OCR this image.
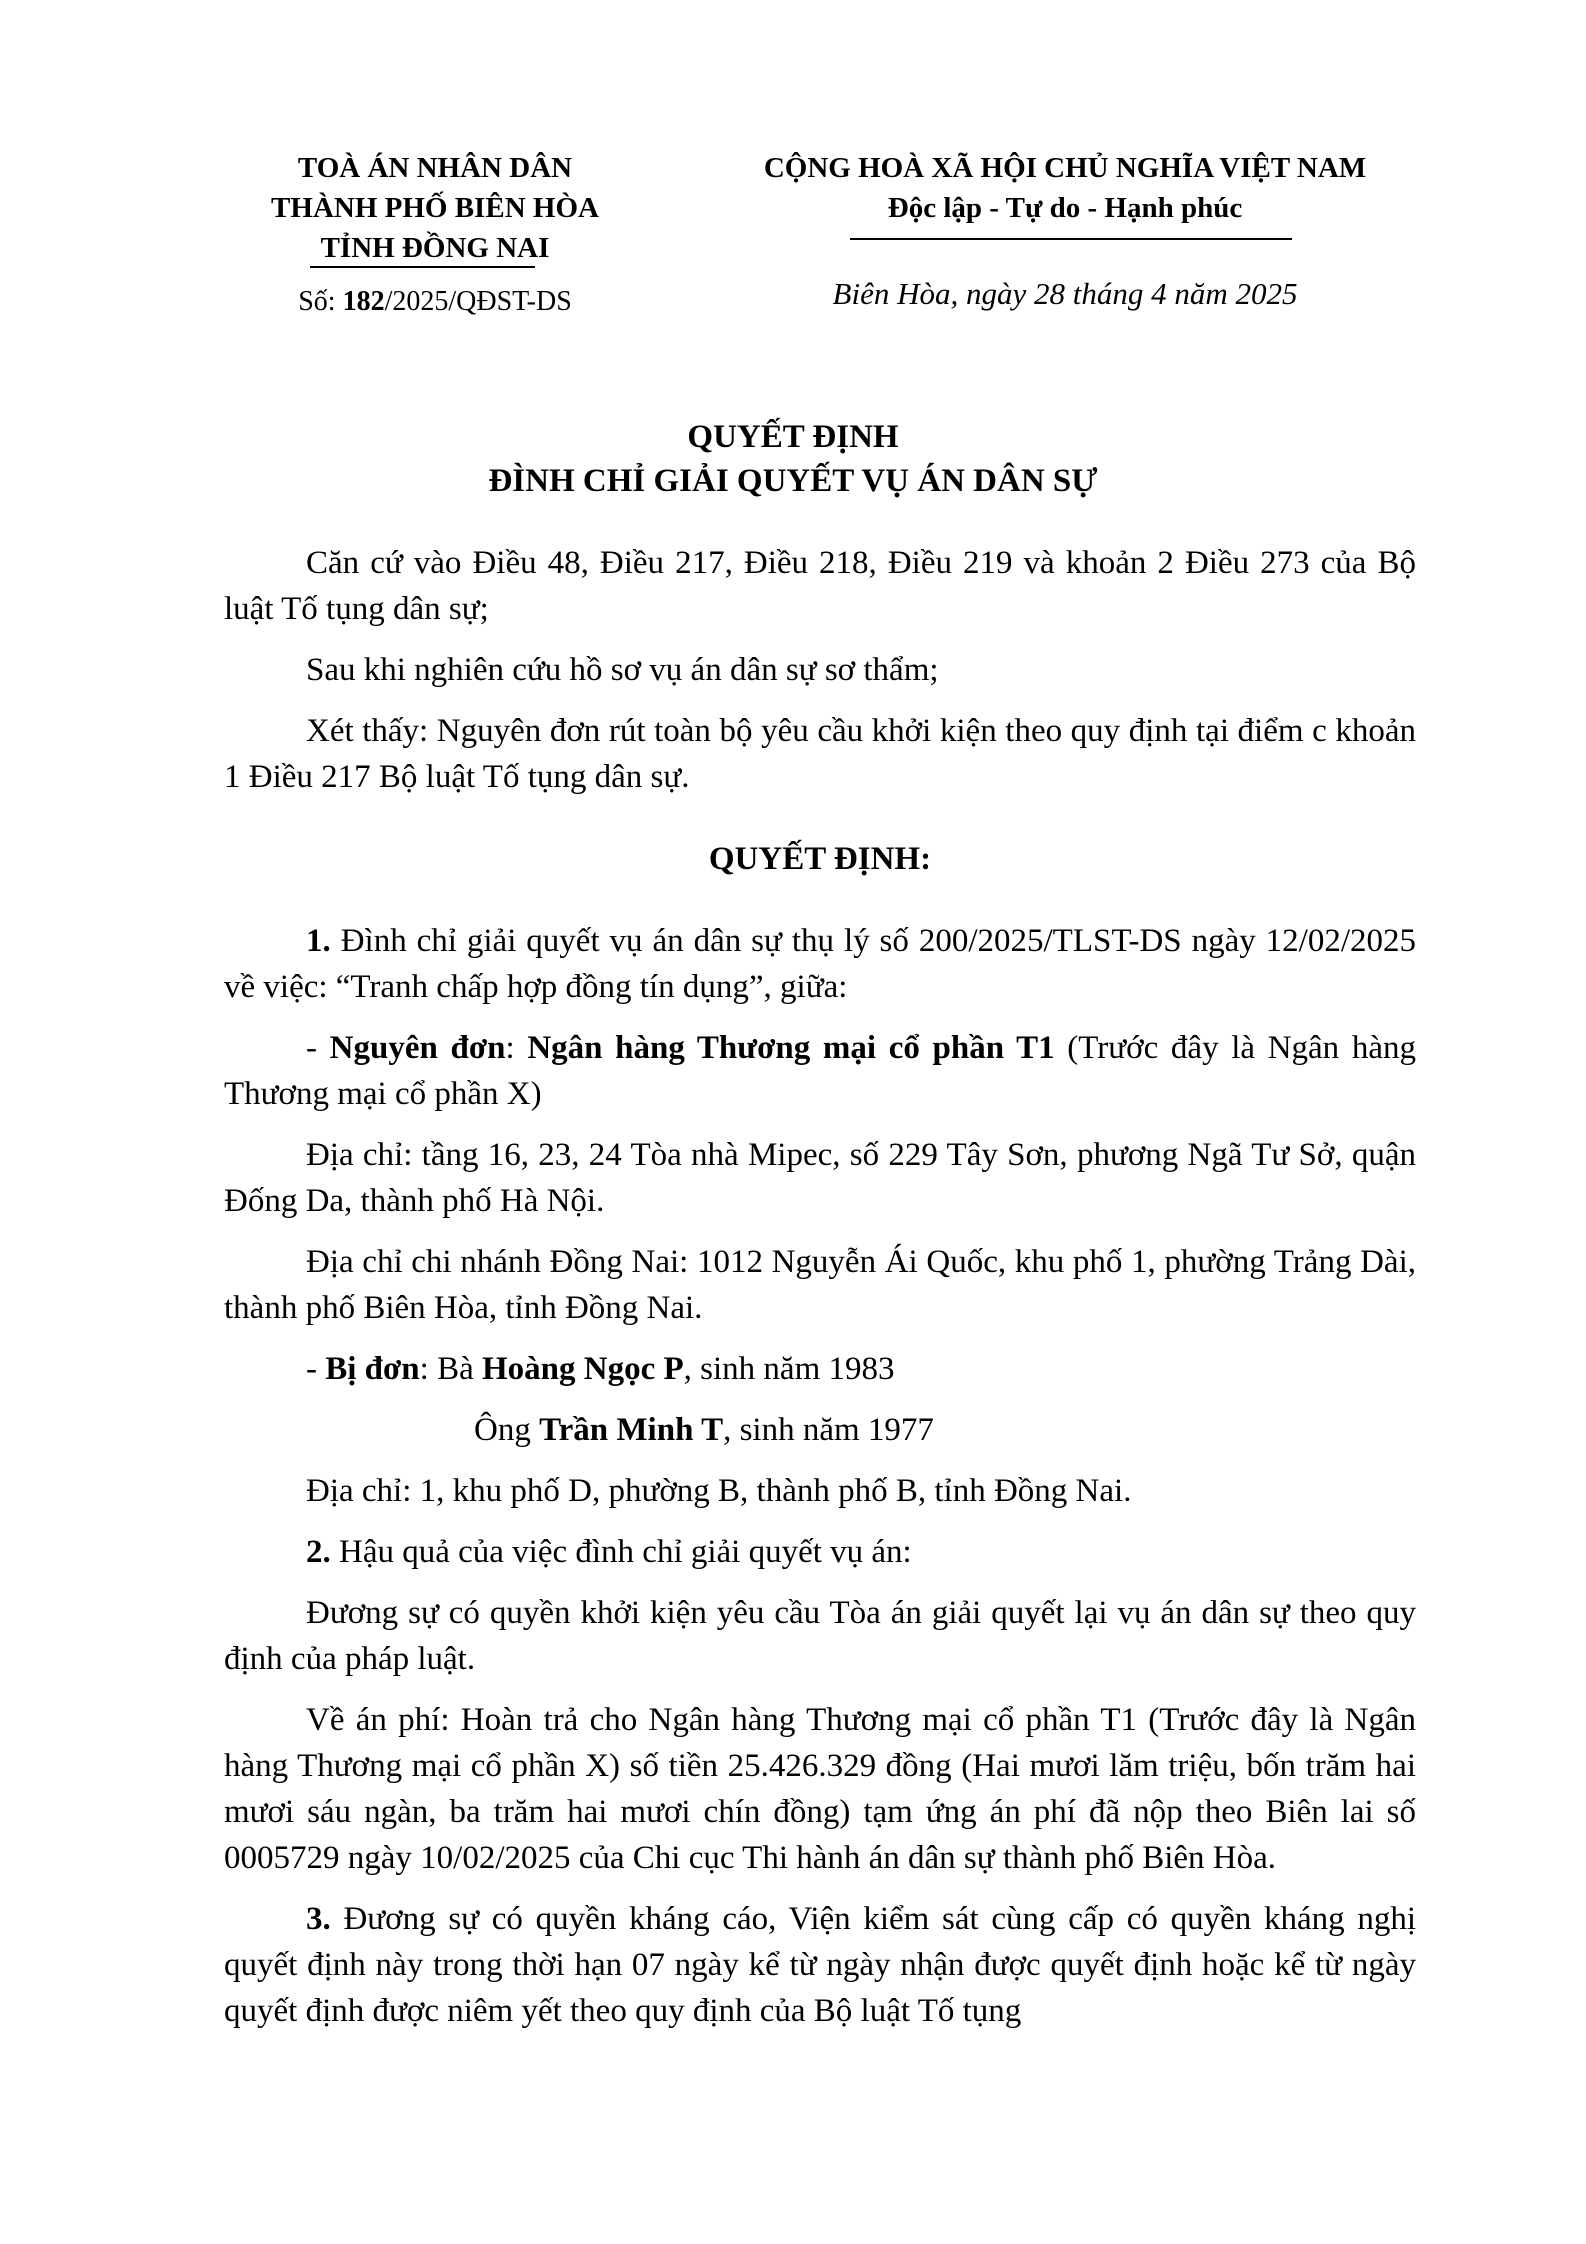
TOÀ ÁN NHÂN DÂN
THÀNH PHỐ BIÊN HÒA
TỈNH ĐỒNG NAI
CỘNG HOÀ XÃ HỘI CHỦ NGHĨA VIỆT NAM
Độc lập - Tự do - Hạnh phúc
Số: 182/2025/QĐST-DS	Biên Hòa, ngày 28 tháng 4 năm 2025
QUYẾT ĐỊNH
ĐÌNH CHỈ GIẢI QUYẾT VỤ ÁN DÂN SỰ

Căn cứ vào Điều 48, Điều 217, Điều 218, Điều 219 và khoản 2 Điều 273 của Bộ luật Tố tụng dân sự;

Sau khi nghiên cứu hồ sơ vụ án dân sự sơ thẩm;

Xét thấy: Nguyên đơn rút toàn bộ yêu cầu khởi kiện theo quy định tại điểm c khoản 1 Điều 217 Bộ luật Tố tụng dân sự.

QUYẾT ĐỊNH:

1. Đình chỉ giải quyết vụ án dân sự thụ lý số 200/2025/TLST-DS ngày 12/02/2025 về việc: “Tranh chấp hợp đồng tín dụng”, giữa:

- Nguyên đơn: Ngân hàng Thương mại cổ phần T1 (Trước đây là Ngân hàng Thương mại cổ phần X)

Địa chỉ: tầng 16, 23, 24 Tòa nhà Mipec, số 229 Tây Sơn, phương Ngã Tư Sở, quận Đống Da, thành phố Hà Nội.

Địa chỉ chi nhánh Đồng Nai: 1012 Nguyễn Ái Quốc, khu phố 1, phường Trảng Dài, thành phố Biên Hòa, tỉnh Đồng Nai.

- Bị đơn: Bà Hoàng Ngọc P, sinh năm 1983

Ông Trần Minh T, sinh năm 1977

Địa chỉ: 1, khu phố D, phường B, thành phố B, tỉnh Đồng Nai.

2. Hậu quả của việc đình chỉ giải quyết vụ án:

Đương sự có quyền khởi kiện yêu cầu Tòa án giải quyết lại vụ án dân sự theo quy định của pháp luật.

Về án phí: Hoàn trả cho Ngân hàng Thương mại cổ phần T1 (Trước đây là Ngân hàng Thương mại cổ phần X) số tiền 25.426.329 đồng (Hai mươi lăm triệu, bốn trăm hai mươi sáu ngàn, ba trăm hai mươi chín đồng) tạm ứng án phí đã nộp theo Biên lai số 0005729 ngày 10/02/2025 của Chi cục Thi hành án dân sự thành phố Biên Hòa.

3. Đương sự có quyền kháng cáo, Viện kiểm sát cùng cấp có quyền kháng nghị quyết định này trong thời hạn 07 ngày kể từ ngày nhận được quyết định hoặc kể từ ngày quyết định được niêm yết theo quy định của Bộ luật Tố tụng
